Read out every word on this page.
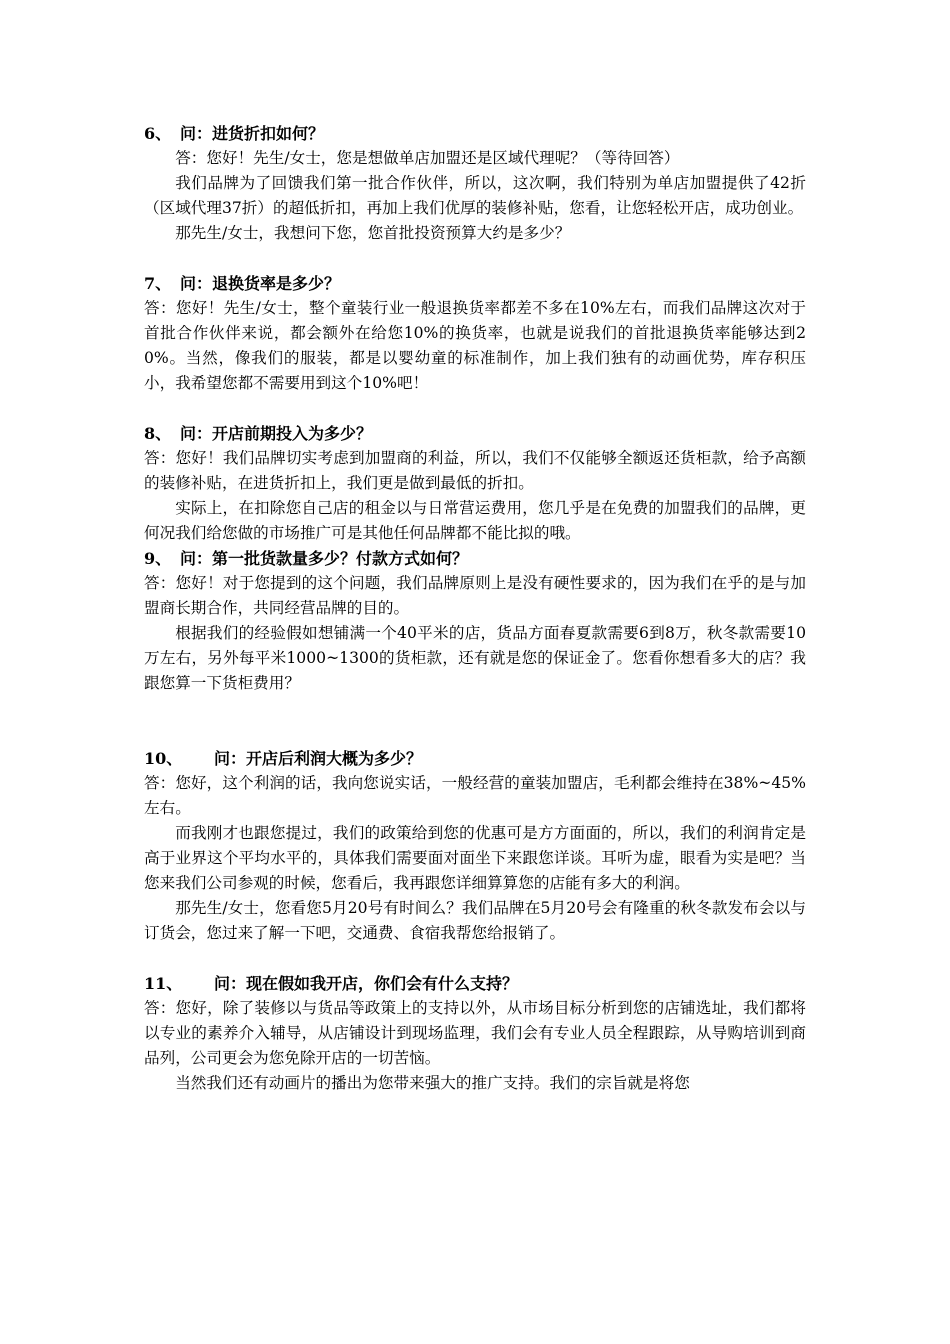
6、 问：进货折扣如何？

答：您好！先生/女士，您是想做单店加盟还是区域代理呢？（等待回答）

我们品牌为了回馈我们第一批合作伙伴，所以，这次啊，我们特别为单店加盟提供了42折（区域代理37折）的超低折扣，再加上我们优厚的装修补贴，您看，让您轻松开店，成功创业。

那先生/女士，我想问下您，您首批投资预算大约是多少？

7、 问：退换货率是多少？

答：您好！先生/女士，整个童装行业一般退换货率都差不多在10%左右，而我们品牌这次对于首批合作伙伴来说，都会额外在给您10%的换货率，也就是说我们的首批退换货率能够达到20%。当然，像我们的服装，都是以婴幼童的标准制作，加上我们独有的动画优势，库存积压小，我希望您都不需要用到这个10%吧！

8、 问：开店前期投入为多少？

答：您好！我们品牌切实考虑到加盟商的利益，所以，我们不仅能够全额返还货柜款，给予高额的装修补贴，在进货折扣上，我们更是做到最低的折扣。

实际上，在扣除您自己店的租金以与日常营运费用，您几乎是在免费的加盟我们的品牌，更何况我们给您做的市场推广可是其他任何品牌都不能比拟的哦。

9、 问：第一批货款量多少？付款方式如何？

答：您好！对于您提到的这个问题，我们品牌原则上是没有硬性要求的，因为我们在乎的是与加盟商长期合作，共同经营品牌的目的。

根据我们的经验假如想铺满一个40平米的店，货品方面春夏款需要6到8万，秋冬款需要10万左右，另外每平米1000~1300的货柜款，还有就是您的保证金了。您看你想看多大的店？我跟您算一下货柜费用？

10、 问：开店后利润大概为多少？

答：您好，这个利润的话，我向您说实话，一般经营的童装加盟店，毛利都会维持在38%~45%左右。

而我刚才也跟您提过，我们的政策给到您的优惠可是方方面面的，所以，我们的利润肯定是高于业界这个平均水平的，具体我们需要面对面坐下来跟您详谈。耳听为虚，眼看为实是吧？当您来我们公司参观的时候，您看后，我再跟您详细算算您的店能有多大的利润。

那先生/女士，您看您5月20号有时间么？我们品牌在5月20号会有隆重的秋冬款发布会以与订货会，您过来了解一下吧，交通费、食宿我帮您给报销了。

11、 问：现在假如我开店，你们会有什么支持？

答：您好，除了装修以与货品等政策上的支持以外，从市场目标分析到您的店铺选址，我们都将以专业的素养介入辅导，从店铺设计到现场监理，我们会有专业人员全程跟踪，从导购培训到商品列，公司更会为您免除开店的一切苦恼。

当然我们还有动画片的播出为您带来强大的推广支持。我们的宗旨就是将您
